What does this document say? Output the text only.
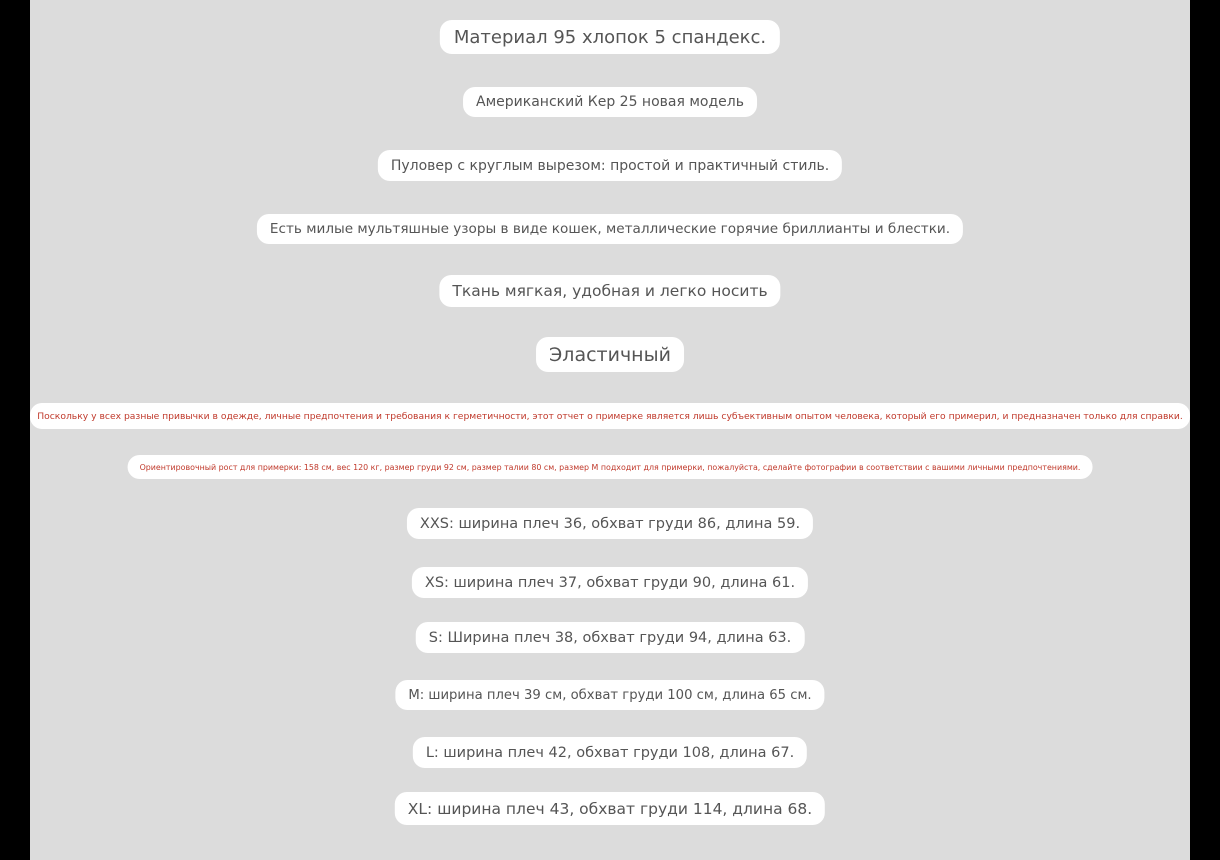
Материал 95 хлопок 5 спандекс.
Американский Кер 25 новая модель
Пуловер с круглым вырезом: простой и практичный стиль.
Есть милые мультяшные узоры в виде кошек, металлические горячие бриллианты и блестки.
Ткань мягкая, удобная и легко носить
Эластичный
Поскольку у всех разные привычки в одежде, личные предпочтения и требования к герметичности, этот отчет о примерке является лишь субъективным опытом человека, который его примерил, и предназначен только для справки.
Ориентировочный рост для примерки: 158 см, вес 120 кг, размер груди 92 см, размер талии 80 см, размер M подходит для примерки, пожалуйста, сделайте фотографии в соответствии с вашими личными предпочтениями.
XXS: ширина плеч 36, обхват груди 86, длина 59.
XS: ширина плеч 37, обхват груди 90, длина 61.
S: Ширина плеч 38, обхват груди 94, длина 63.
M: ширина плеч 39 см, обхват груди 100 см, длина 65 см.
L: ширина плеч 42, обхват груди 108, длина 67.
XL: ширина плеч 43, обхват груди 114, длина 68.
